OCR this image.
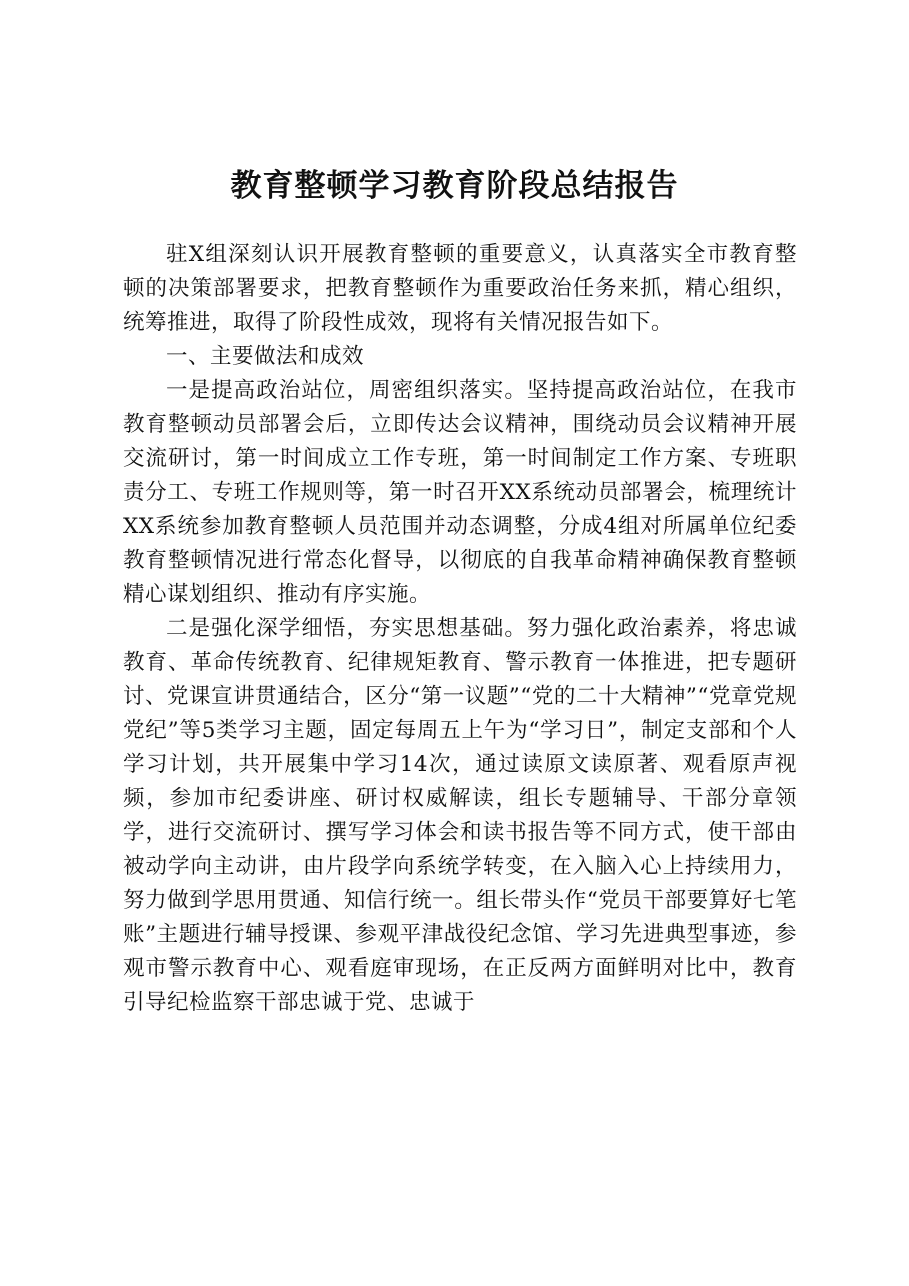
教育整顿学习教育阶段总结报告

驻X组深刻认识开展教育整顿的重要意义，认真落实全市教育整顿的决策部署要求，把教育整顿作为重要政治任务来抓，精心组织，统筹推进，取得了阶段性成效，现将有关情况报告如下。

一、主要做法和成效

一是提高政治站位，周密组织落实。坚持提高政治站位，在我市教育整顿动员部署会后，立即传达会议精神，围绕动员会议精神开展交流研讨，第一时间成立工作专班，第一时间制定工作方案、专班职责分工、专班工作规则等，第一时召开XX系统动员部署会，梳理统计XX系统参加教育整顿人员范围并动态调整，分成4组对所属单位纪委教育整顿情况进行常态化督导，以彻底的自我革命精神确保教育整顿精心谋划组织、推动有序实施。

二是强化深学细悟，夯实思想基础。努力强化政治素养，将忠诚教育、革命传统教育、纪律规矩教育、警示教育一体推进，把专题研讨、党课宣讲贯通结合，区分“第一议题”“党的二十大精神”“党章党规党纪”等5类学习主题，固定每周五上午为“学习日”，制定支部和个人学习计划，共开展集中学习14次，通过读原文读原著、观看原声视频，参加市纪委讲座、研讨权威解读，组长专题辅导、干部分章领学，进行交流研讨、撰写学习体会和读书报告等不同方式，使干部由被动学向主动讲，由片段学向系统学转变，在入脑入心上持续用力，努力做到学思用贯通、知信行统一。组长带头作“党员干部要算好七笔账”主题进行辅导授课、参观平津战役纪念馆、学习先进典型事迹，参观市警示教育中心、观看庭审现场，在正反两方面鲜明对比中，教育引导纪检监察干部忠诚于党、忠诚于
